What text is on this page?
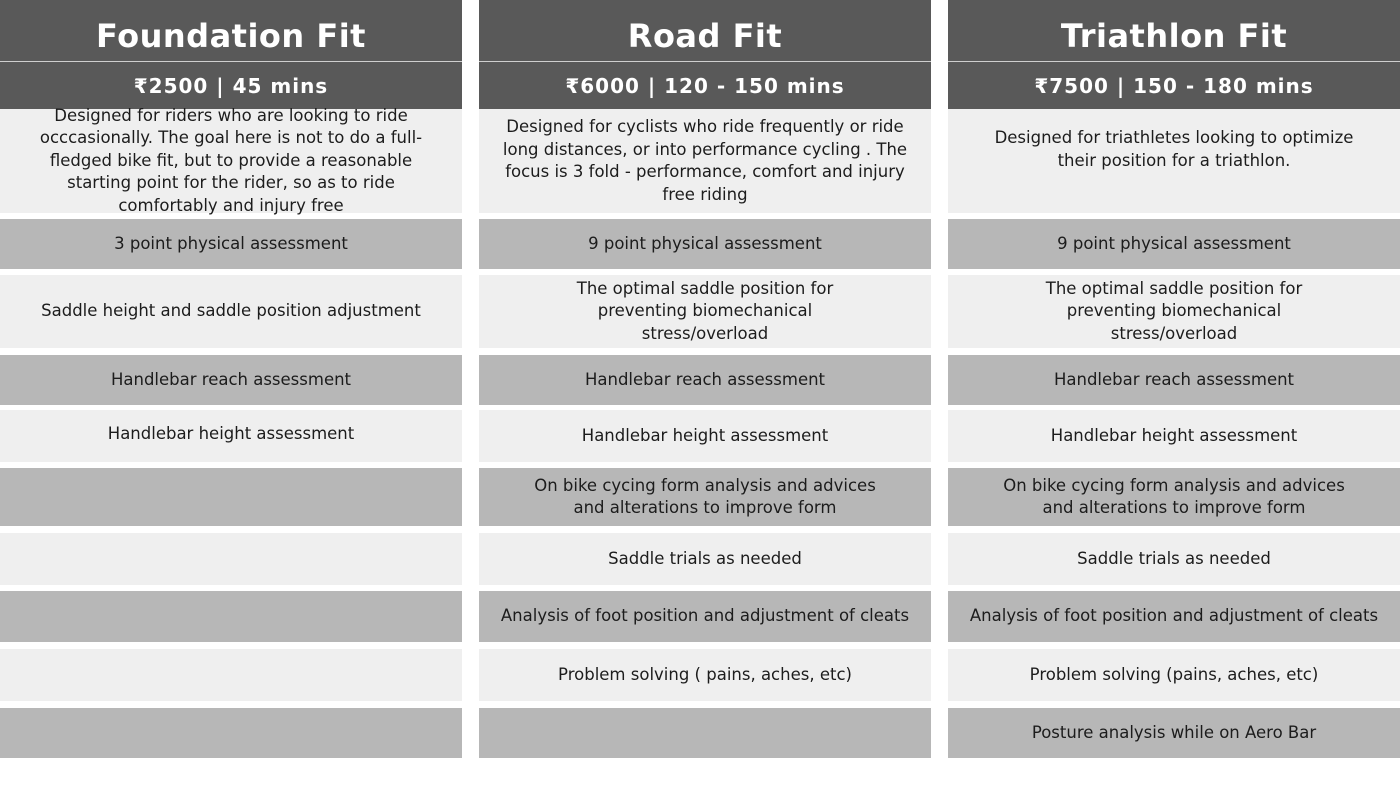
Foundation Fit
₹2500 | 45 mins
Designed for riders who are looking to ride occcasionally. The goal here is not to do a full-fledged bike fit, but to provide a reasonable starting point for the rider, so as to ride comfortably and injury free
3 point physical assessment
Saddle height and saddle position adjustment
Handlebar reach assessment
Handlebar height assessment
Road Fit
₹6000 | 120 - 150 mins
Designed for cyclists who ride frequently or ride long distances, or into performance cycling . The focus is 3 fold - performance, comfort and injury free riding
9 point physical assessment
The optimal saddle position for preventing biomechanical stress/overload
Handlebar reach assessment
Handlebar height assessment
On bike cycing form analysis and advices and alterations to improve form
Saddle trials as needed
Analysis of foot position and adjustment of cleats
Problem solving ( pains, aches, etc)
Triathlon Fit
₹7500 | 150 - 180 mins
Designed for triathletes looking to optimize their position for a triathlon.
9 point physical assessment
The optimal saddle position for preventing biomechanical stress/overload
Handlebar reach assessment
Handlebar height assessment
On bike cycing form analysis and advices and alterations to improve form
Saddle trials as needed
Analysis of foot position and adjustment of cleats
Problem solving (pains, aches, etc)
Posture analysis while on Aero Bar
